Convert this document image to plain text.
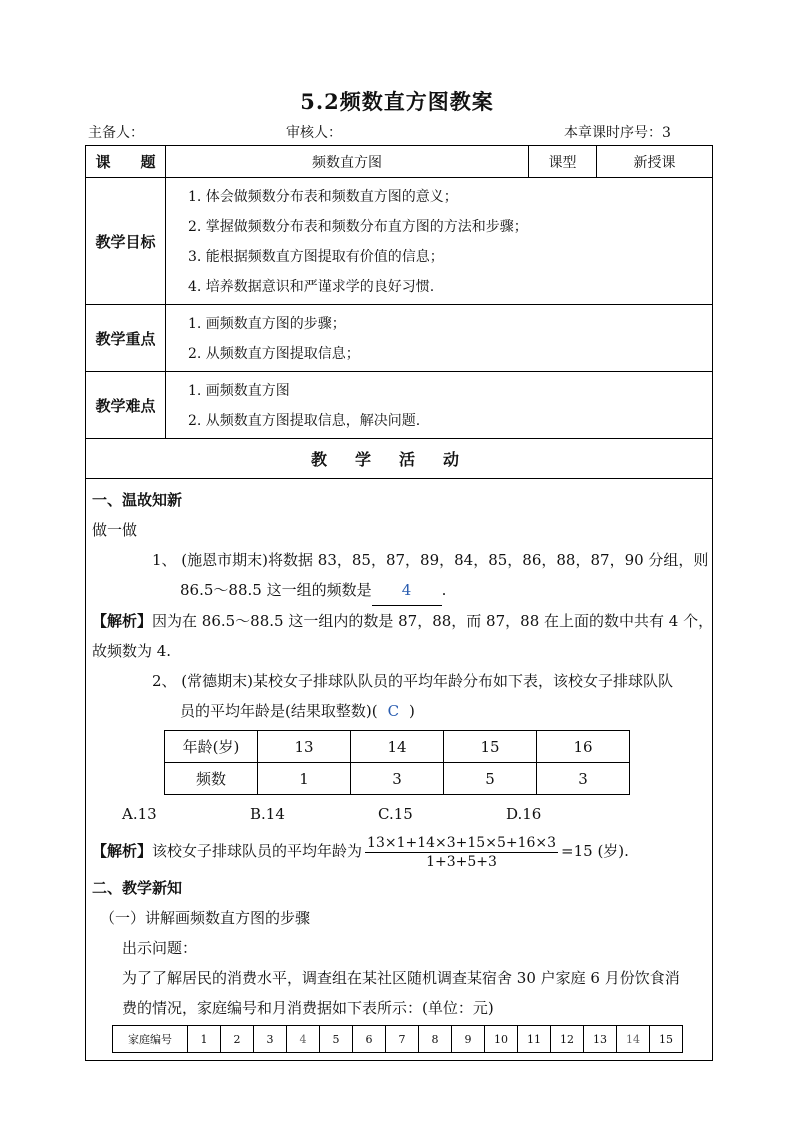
5.2频数直方图教案
主备人：	审核人：	本章课时序号：3
课　　题	频数直方图	课型	新授课
教学目标	
1. 体会做频数分布表和频数直方图的意义；
2. 掌握做频数分布表和频数分布直方图的方法和步骤；
3. 能根据频数直方图提取有价值的信息；
4. 培养数据意识和严谨求学的良好习惯.

教学重点	
1. 画频数直方图的步骤；
2. 从频数直方图提取信息；

教学难点	
1. 画频数直方图
2. 从频数直方图提取信息，解决问题.

教学活动

一、温故知新
做一做
1、 (施恩市期末)将数据 83，85，87，89，84，85，86，88，87，90 分组，则
86.5～88.5 这一组的频数是 4 .
【解析】因为在 86.5～88.5 这一组内的数是 87，88，而 87，88 在上面的数中共有 4 个，
故频数为 4.
2、 (常德期末)某校女子排球队队员的平均年龄分布如下表，该校女子排球队队
员的平均年龄是(结果取整数)( C )
年龄(岁)	13	14	15	16
频数	1	3	5	3
A.13	B.14	C.15	D.16
【解析】该校女子排球队员的平均年龄为 $\frac{13\times 1+14\times 3+15\times 5+16\times 3}{1+3+5+3} =15$ (岁).
二、教学新知
（一）讲解画频数直方图的步骤
出示问题：
为了了解居民的消费水平，调查组在某社区随机调查某宿舍 30 户家庭 6 月份饮食消
费的情况，家庭编号和月消费据如下表所示：(单位：元)
家庭编号	1	2	3	4	5	6	7	8	9	10	11	12	13	14	15
